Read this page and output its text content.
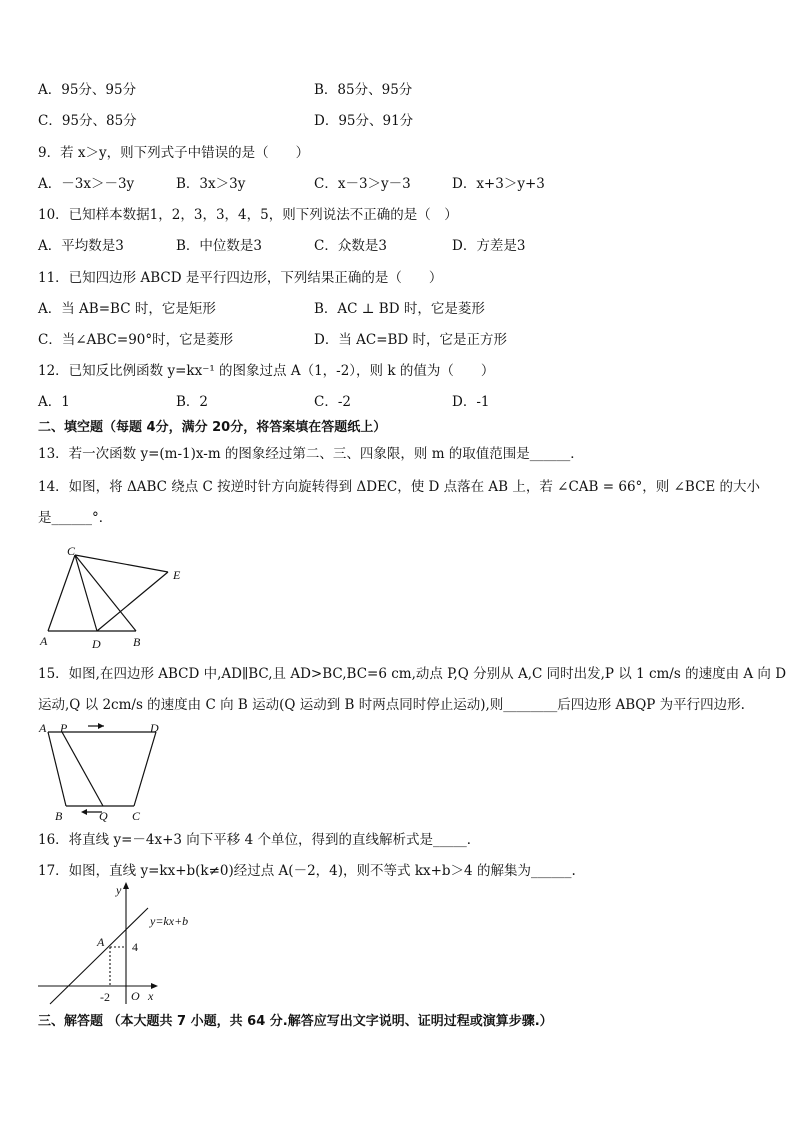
A．95分、95分	B．85分、95分
C．95分、85分	D．95分、91分
9．若 x＞y，则下列式子中错误的是（　　）
A．－3x＞－3y	B．3x＞3y	C．x－3＞y－3	D．x+3＞y+3
10．已知样本数据1，2，3，3，4，5，则下列说法不正确的是（　）
A．平均数是3	B．中位数是3	C．众数是3	D．方差是3
11．已知四边形 ABCD 是平行四边形，下列结果正确的是（　　）
A．当 AB=BC 时，它是矩形	B．AC ⊥ BD 时，它是菱形
C．当∠ABC=90°时，它是菱形	D．当 AC=BD 时，它是正方形
12．已知反比例函数 y=kx⁻¹ 的图象过点 A（1，-2），则 k 的值为（　　）
A．1	B．2	C．-2	D．-1
二、填空题（每题 4分，满分 20分，将答案填在答题纸上）
13．若一次函数 y=(m-1)x-m 的图象经过第二、三、四象限，则 m 的取值范围是______．
14．如图，将 ΔABC 绕点 C 按逆时针方向旋转得到 ΔDEC，使 D 点落在 AB 上，若 ∠CAB = 66°，则 ∠BCE 的大小
是______°．
C
A	D	B
E
15．如图,在四边形 ABCD 中,AD∥BC,且 AD>BC,BC=6 cm,动点 P,Q 分别从 A,C 同时出发,P 以 1 cm/s 的速度由 A 向 D
运动,Q 以 2cm/s 的速度由 C 向 B 运动(Q 运动到 B 时两点同时停止运动),则________后四边形 ABQP 为平行四边形.
A P	D
B	Q C
16．将直线 y=－4x+3 向下平移 4 个单位，得到的直线解析式是_____．
17．如图，直线 y=kx+b(k≠0)经过点 A(－2，4)，则不等式 kx+b＞4 的解集为______.
y
x
O
A
y=kx+b
4
-2
三、解答题 （本大题共 7 小题，共 64 分.解答应写出文字说明、证明过程或演算步骤.）
